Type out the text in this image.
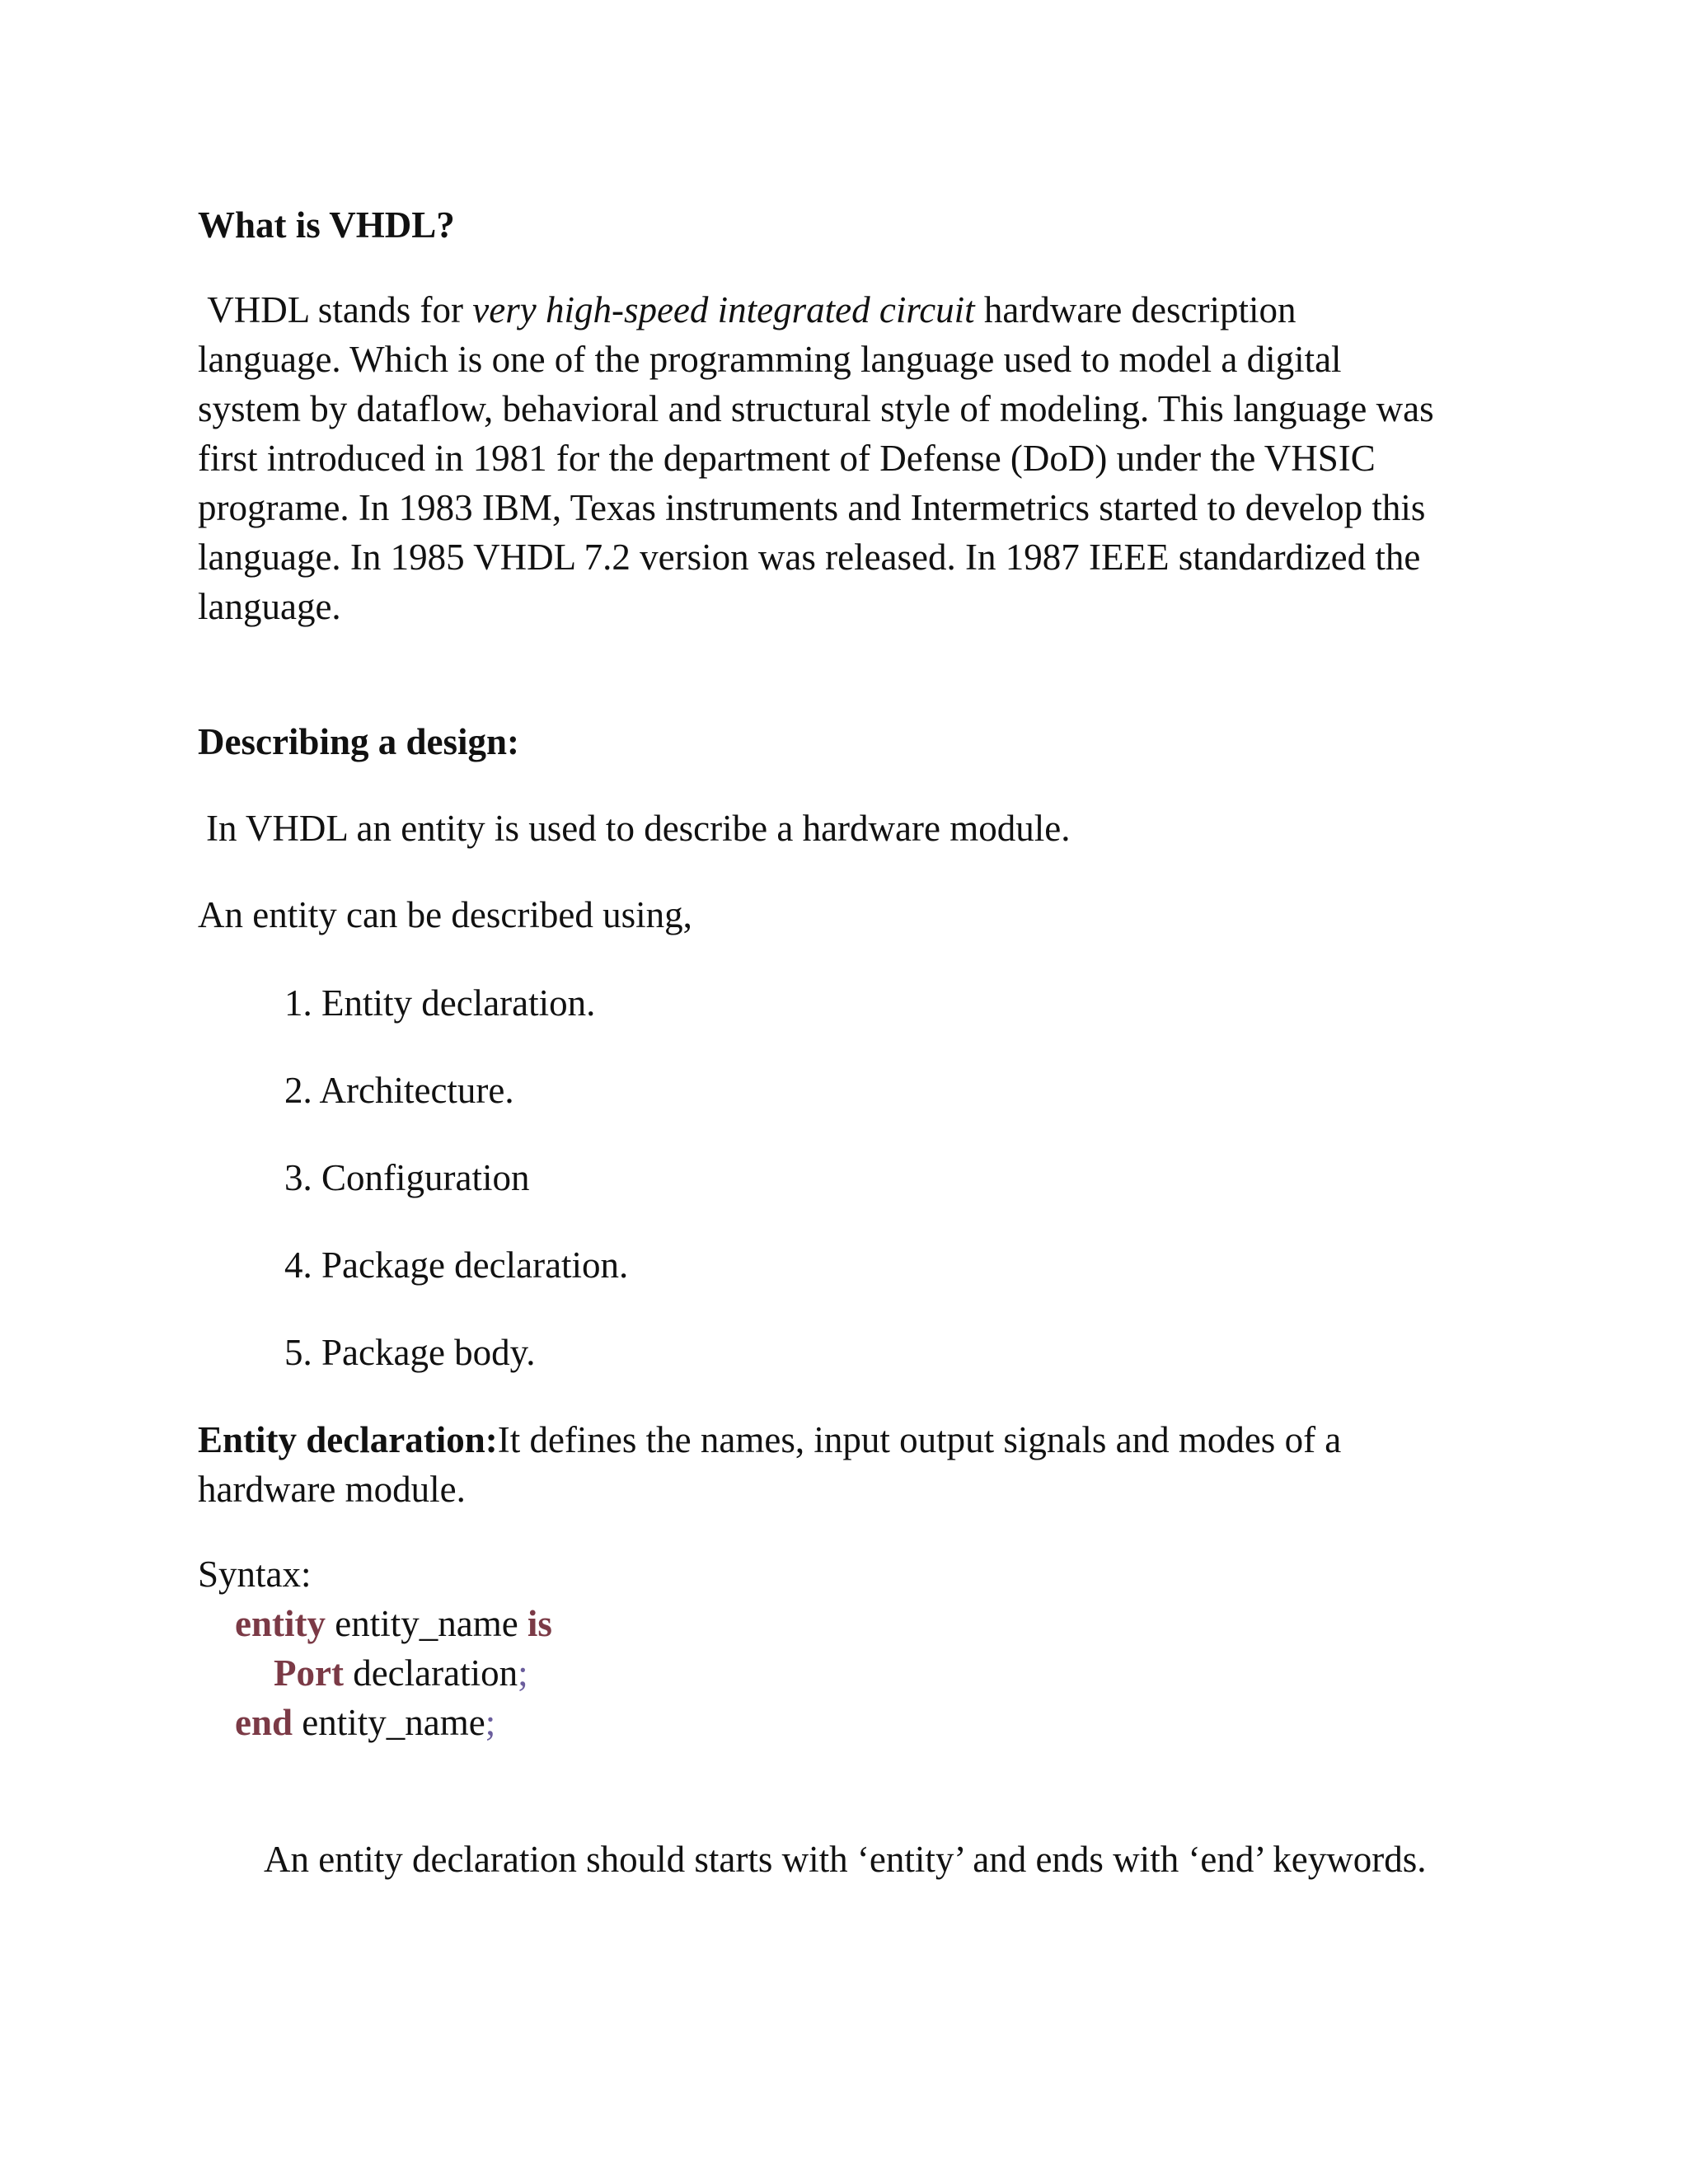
What is VHDL?

VHDL stands for very high-speed integrated circuit hardware description

language. Which is one of the programming language used to model a digital

system by dataflow, behavioral and structural style of modeling. This language was

first introduced in 1981 for the department of Defense (DoD) under the VHSIC

programe. In 1983 IBM, Texas instruments and Intermetrics started to develop this

language. In 1985 VHDL 7.2 version was released. In 1987 IEEE standardized the

language.

Describing a design:
In VHDL an entity is used to describe a hardware module.
An entity can be described using,
1. Entity declaration.
2. Architecture.
3. Configuration
4. Package declaration.
5. Package body.

Entity declaration:It defines the names, input output signals and modes of a

hardware module.

Syntax:
entity entity_name is
Port declaration;
end entity_name;
An entity declaration should starts with ‘entity’ and ends with ‘end’ keywords.
